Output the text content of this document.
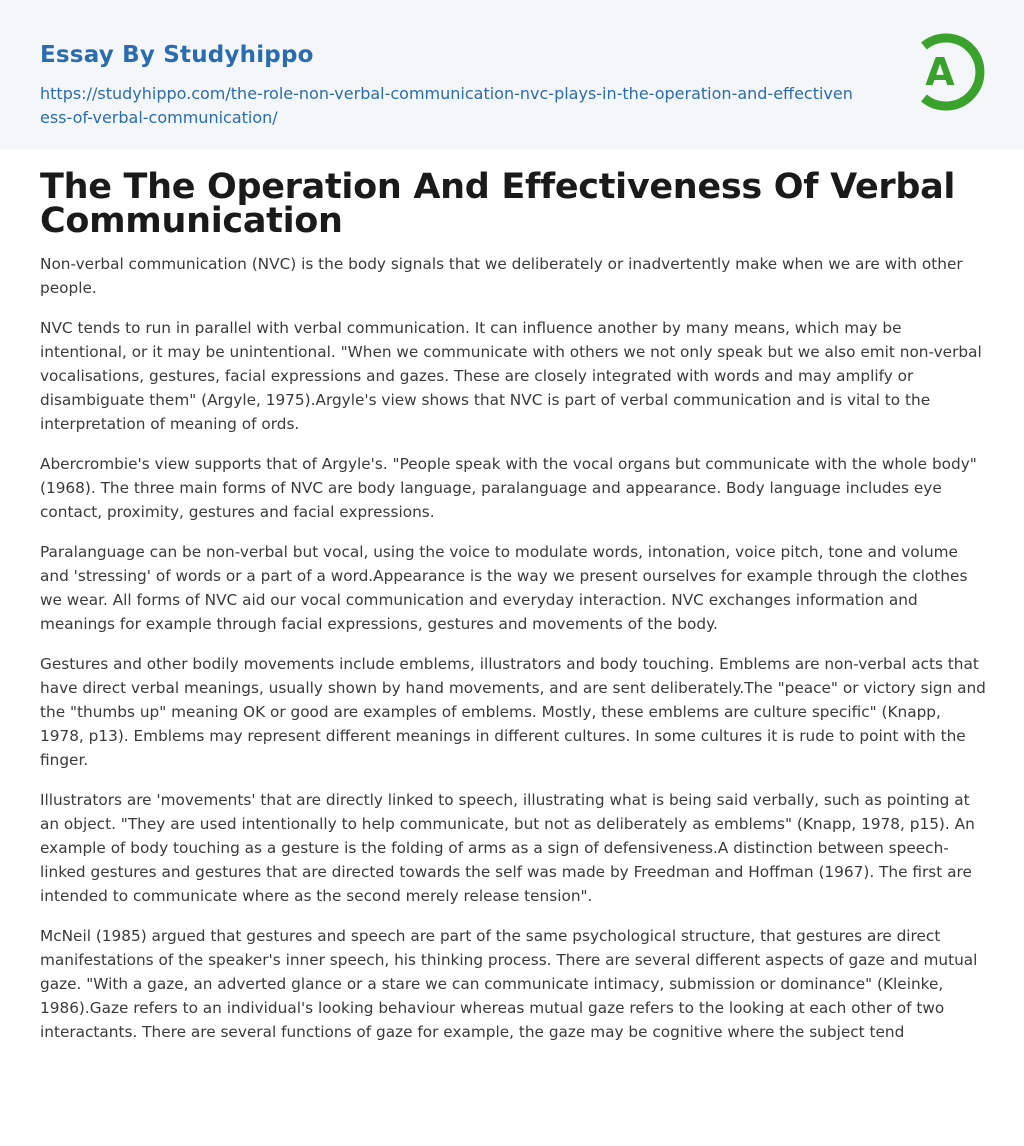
Essay By Studyhippo
https://studyhippo.com/the-role-non-verbal-communication-nvc-plays-in-the-operation-and-effectiveness-of-verbal-communication/
A
The The Operation And Effectiveness Of Verbal Communication

Non-verbal communication (NVC) is the body signals that we deliberately or inadvertently make when we are with other people.

NVC tends to run in parallel with verbal communication. It can influence another by many means, which may be intentional, or it may be unintentional. "When we communicate with others we not only speak but we also emit non-verbal vocalisations, gestures, facial expressions and gazes. These are closely integrated with words and may amplify or disambiguate them" (Argyle, 1975).Argyle's view shows that NVC is part of verbal communication and is vital to the interpretation of meaning of ords.

Abercrombie's view supports that of Argyle's. "People speak with the vocal organs but communicate with the whole body" (1968). The three main forms of NVC are body language, paralanguage and appearance. Body language includes eye contact, proximity, gestures and facial expressions.

Paralanguage can be non-verbal but vocal, using the voice to modulate words, intonation, voice pitch, tone and volume and 'stressing' of words or a part of a word.Appearance is the way we present ourselves for example through the clothes we wear. All forms of NVC aid our vocal communication and everyday interaction. NVC exchanges information and meanings for example through facial expressions, gestures and movements of the body.

Gestures and other bodily movements include emblems, illustrators and body touching. Emblems are non-verbal acts that have direct verbal meanings, usually shown by hand movements, and are sent deliberately.The "peace" or victory sign and the "thumbs up" meaning OK or good are examples of emblems. Mostly, these emblems are culture specific" (Knapp, 1978, p13). Emblems may represent different meanings in different cultures. In some cultures it is rude to point with the finger.

Illustrators are 'movements' that are directly linked to speech, illustrating what is being said verbally, such as pointing at an object. "They are used intentionally to help communicate, but not as deliberately as emblems" (Knapp, 1978, p15). An example of body touching as a gesture is the folding of arms as a sign of defensiveness.A distinction between speech-linked gestures and gestures that are directed towards the self was made by Freedman and Hoffman (1967). The first are intended to communicate where as the second merely release tension".

McNeil (1985) argued that gestures and speech are part of the same psychological structure, that gestures are direct manifestations of the speaker's inner speech, his thinking process. There are several different aspects of gaze and mutual gaze. "With a gaze, an adverted glance or a stare we can communicate intimacy, submission or dominance" (Kleinke, 1986).Gaze refers to an individual's looking behaviour whereas mutual gaze refers to the looking at each other of two interactants. There are several functions of gaze for example, the gaze may be cognitive where the subject tend
